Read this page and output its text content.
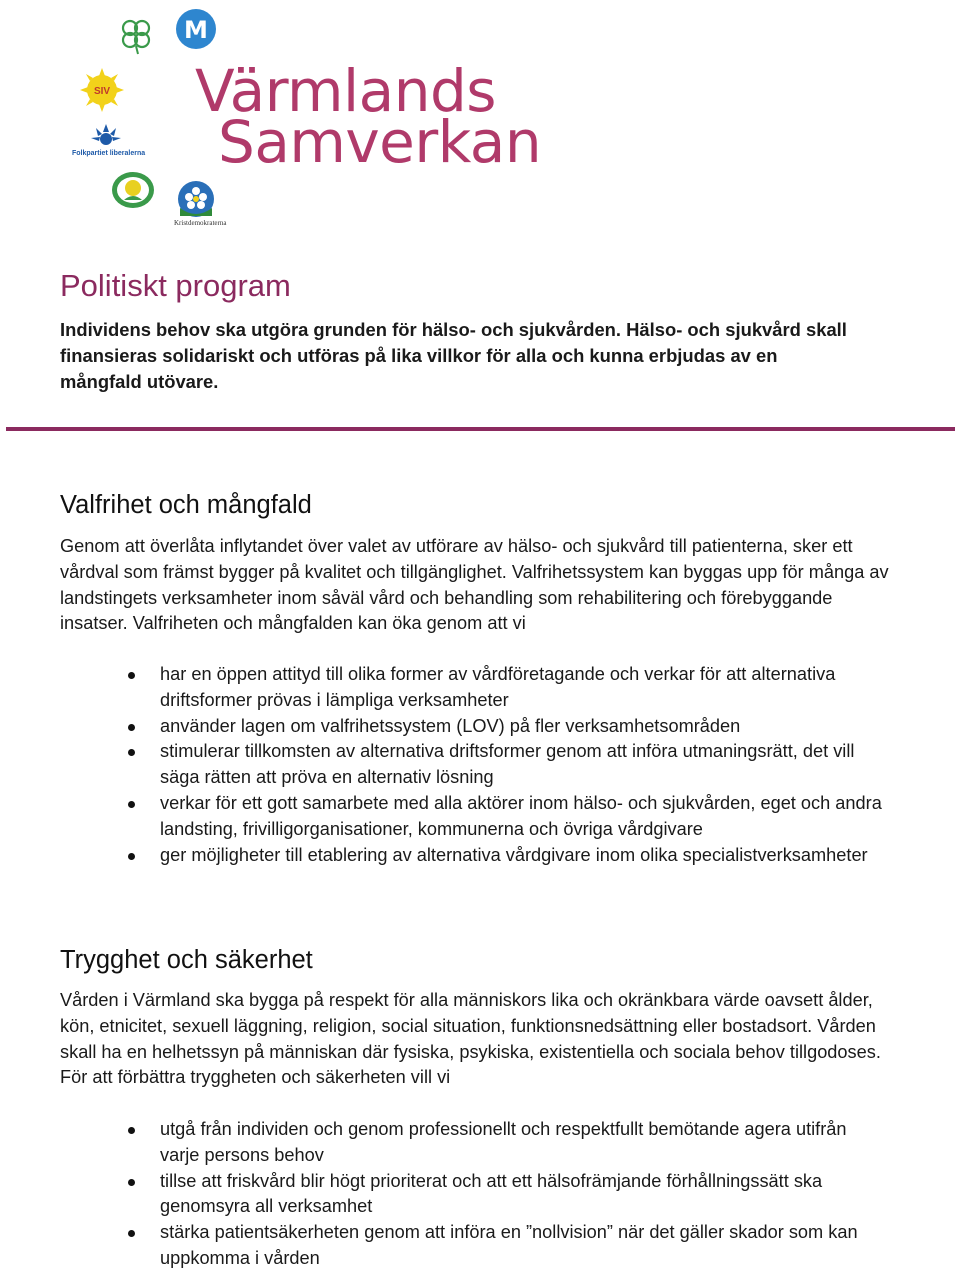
M
SIV
Folkpartiet liberalerna
Kristdemokraterna
Värmlands
Samverkan
Politiskt program

Individens behov ska utgöra grunden för hälso- och sjukvården. Hälso- och sjukvård skall finansieras solidariskt och utföras på lika villkor för alla och kunna erbjudas av en mångfald utövare.

Valfrihet och mångfald

Genom att överlåta inflytandet över valet av utförare av hälso- och sjukvård till patienterna, sker ett vårdval som främst bygger på kvalitet och tillgänglighet. Valfrihetssystem kan byggas upp för många av landstingets verksamheter inom såväl vård och behandling som rehabilitering och förebyggande insatser. Valfriheten och mångfalden kan öka genom att vi

har en öppen attityd till olika former av vårdföretagande och verkar för att alternativa driftsformer prövas i lämpliga verksamheter
använder lagen om valfrihetssystem (LOV) på fler verksamhetsområden
stimulerar tillkomsten av alternativa driftsformer genom att införa utmaningsrätt, det vill säga rätten att pröva en alternativ lösning
verkar för ett gott samarbete med alla aktörer inom hälso- och sjukvården, eget och andra landsting, frivilligorganisationer, kommunerna och övriga vårdgivare
ger möjligheter till etablering av alternativa vårdgivare inom olika specialistverksamheter
Trygghet och säkerhet

Vården i Värmland ska bygga på respekt för alla människors lika och okränkbara värde oavsett ålder, kön, etnicitet, sexuell läggning, religion, social situation, funktionsnedsättning eller bostadsort. Vården skall ha en helhetssyn på människan där fysiska, psykiska, existentiella och sociala behov tillgodoses. För att förbättra tryggheten och säkerheten vill vi

utgå från individen och genom professionellt och respektfullt bemötande agera utifrån varje persons behov
tillse att friskvård blir högt prioriterat och att ett hälsofrämjande förhållningssätt ska genomsyra all verksamhet
stärka patientsäkerheten genom att införa en ”nollvision” när det gäller skador som kan uppkomma i vården
